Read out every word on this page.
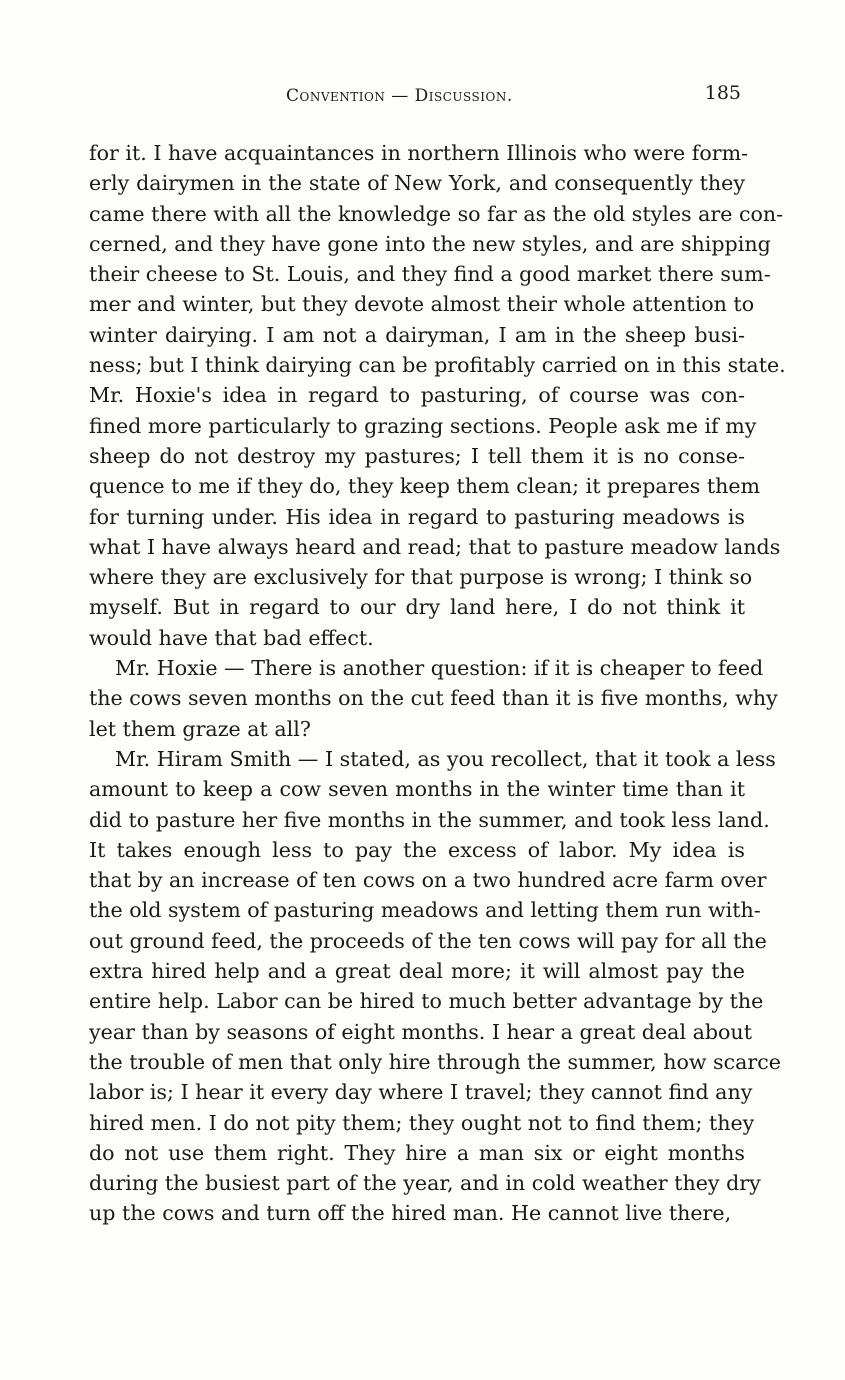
Convention — Discussion.	185
for it. I have acquaintances in northern Illinois who were form-
erly dairymen in the state of New York, and consequently they
came there with all the knowledge so far as the old styles are con-
cerned, and they have gone into the new styles, and are shipping
their cheese to St. Louis, and they find a good market there sum-
mer and winter, but they devote almost their whole attention to
winter dairying. I am not a dairyman, I am in the sheep busi-
ness; but I think dairying can be profitably carried on in this state.
Mr. Hoxie's idea in regard to pasturing, of course was con-
fined more particularly to grazing sections. People ask me if my
sheep do not destroy my pastures; I tell them it is no conse-
quence to me if they do, they keep them clean; it prepares them
for turning under. His idea in regard to pasturing meadows is
what I have always heard and read; that to pasture meadow lands
where they are exclusively for that purpose is wrong; I think so
myself. But in regard to our dry land here, I do not think it
would have that bad effect.
Mr. Hoxie — There is another question: if it is cheaper to feed
the cows seven months on the cut feed than it is five months, why
let them graze at all?
Mr. Hiram Smith — I stated, as you recollect, that it took a less
amount to keep a cow seven months in the winter time than it
did to pasture her five months in the summer, and took less land.
It takes enough less to pay the excess of labor. My idea is
that by an increase of ten cows on a two hundred acre farm over
the old system of pasturing meadows and letting them run with-
out ground feed, the proceeds of the ten cows will pay for all the
extra hired help and a great deal more; it will almost pay the
entire help. Labor can be hired to much better advantage by the
year than by seasons of eight months. I hear a great deal about
the trouble of men that only hire through the summer, how scarce
labor is; I hear it every day where I travel; they cannot find any
hired men. I do not pity them; they ought not to find them; they
do not use them right. They hire a man six or eight months
during the busiest part of the year, and in cold weather they dry
up the cows and turn off the hired man. He cannot live there,
